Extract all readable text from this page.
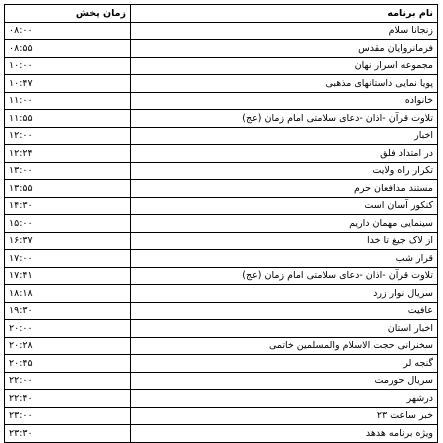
نام برنامه	زمان پخش
زنجانا سلام	۰۸:۰۰
فرمانروایان مقدس	۰۸:۵۵
مجموعه اسرار نهان	۱۰:۰۰
پویا نمایی داستانهای مذهبی	۱۰:۴۷
خانواده	۱۱:۰۰
تلاوت قرآن -اذان -دعای سلامتی امام زمان (عج)	۱۱:۵۵
اخبار	۱۲:۰۰
در امتداد فلق	۱۲:۲۴
تکرار راه ولایت	۱۳:۰۰
مستند مدافعان حرم	۱۳:۵۵
کنکور آسان است	۱۴:۳۰
سینمایی مهمان داریم	۱۵:۰۰
از لاک جیغ تا خدا	۱۶:۳۷
قرار شب	۱۷:۰۰
تلاوت قرآن -اذان -دعای سلامتی امام زمان (عج)	۱۷:۴۱
سریال نوار زرد	۱۸:۱۸
عافیت	۱۹:۳۰
اخبار استان	۲۰:۰۰
سخنرانی حجت الاسلام والمسلمین خاتمی	۲۰:۲۸
گنجه لر	۲۰:۴۵
سریال حورمت	۲۲:۰۰
درشهر	۲۲:۴۰
خبر ساعت ۲۳	۲۳:۰۰
ویژه برنامه هدهد	۲۳:۳۰
